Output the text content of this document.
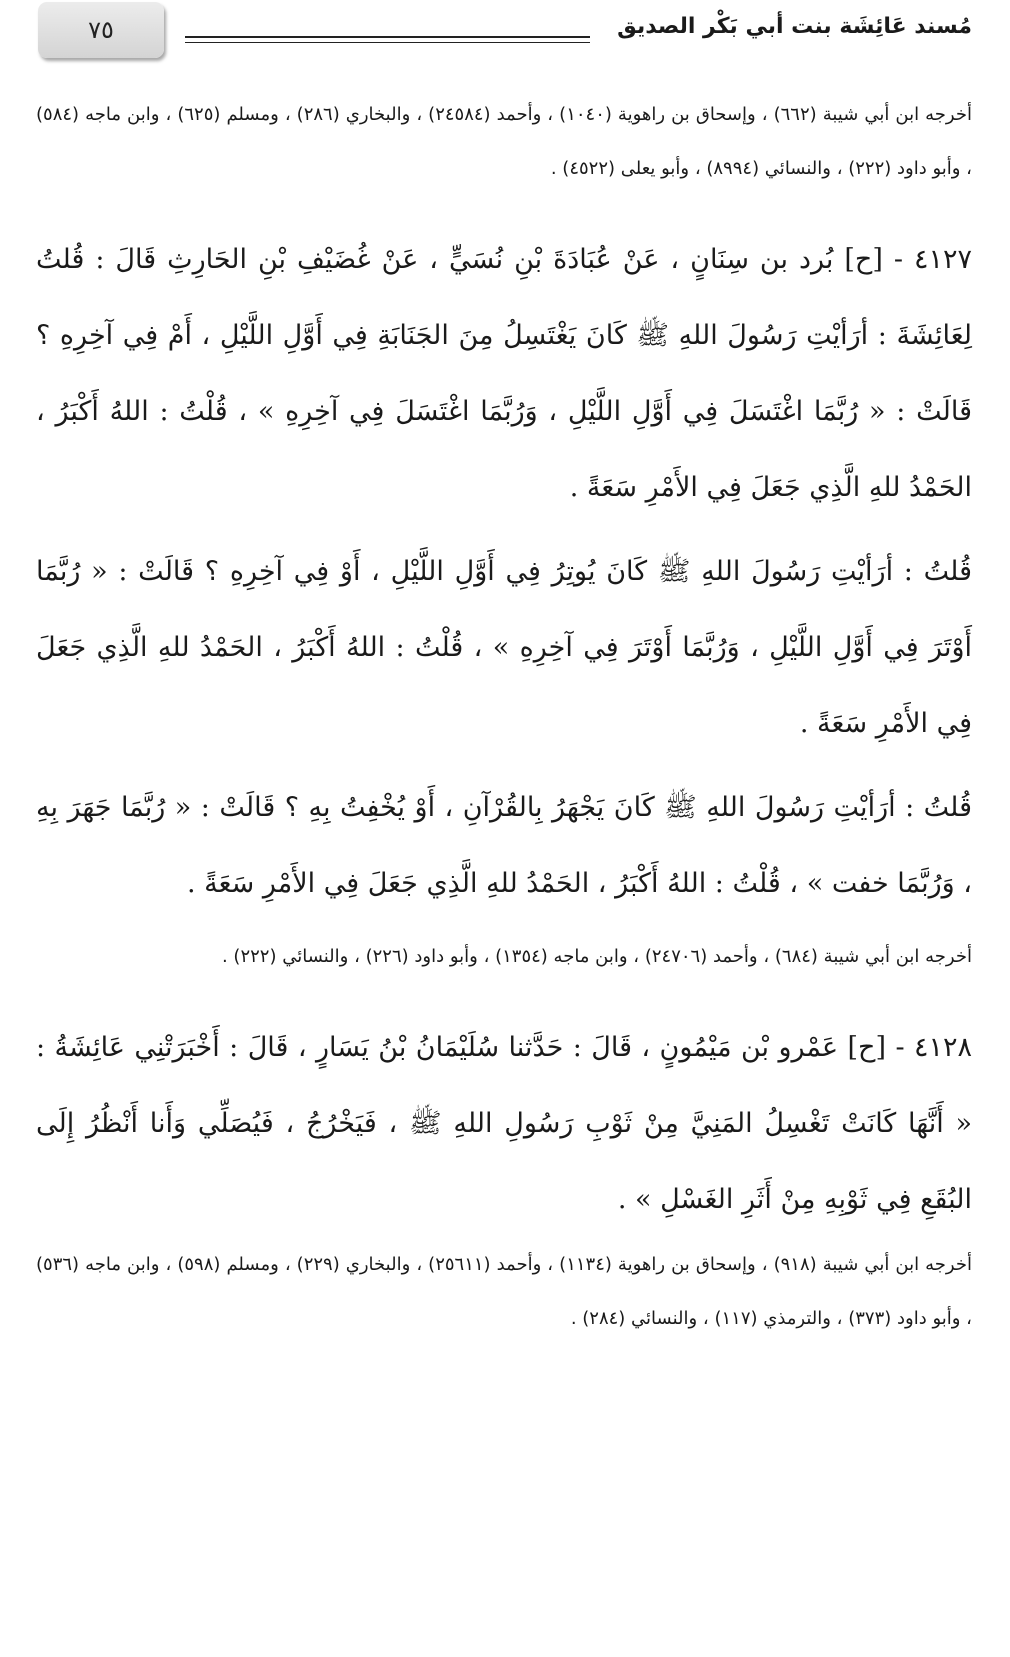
٧٥	مُسند عَائِشَة بنت أبي بَكْر الصديق

أخرجه ابن أبي شيبة (٦٦٢) ، وإسحاق بن راهوية (١٠٤٠) ، وأحمد (٢٤٥٨٤) ، والبخاري (٢٨٦) ، ومسلم (٦٢٥) ، وابن ماجه (٥٨٤) ، وأبو داود (٢٢٢) ، والنسائي (٨٩٩٤) ، وأبو يعلى (٤٥٢٢) .

٤١٢٧ - [ح] بُرد بن سِنَانٍ ، عَنْ عُبَادَةَ بْنِ نُسَيٍّ ، عَنْ غُضَيْفِ بْنِ الحَارِثِ قَالَ : قُلتُ لِعَائِشَةَ : أرَأيْتِ رَسُولَ اللهِ ﷺ كَانَ يَغْتَسِلُ مِنَ الجَنَابَةِ فِي أَوَّلِ اللَّيْلِ ، أَمْ فِي آخِرِهِ ؟ قَالَتْ : « رُبَّمَا اغْتَسَلَ فِي أَوَّلِ اللَّيْلِ ، وَرُبَّمَا اغْتَسَلَ فِي آخِرِهِ » ، قُلْتُ : اللهُ أَكْبَرُ ، الحَمْدُ للهِ الَّذِي جَعَلَ فِي الأَمْرِ سَعَةً .

قُلتُ : أرَأيْتِ رَسُولَ اللهِ ﷺ كَانَ يُوتِرُ فِي أَوَّلِ اللَّيْلِ ، أَوْ فِي آخِرِهِ ؟ قَالَتْ : « رُبَّمَا أَوْتَرَ فِي أَوَّلِ اللَّيْلِ ، وَرُبَّمَا أَوْتَرَ فِي آخِرِهِ » ، قُلْتُ : اللهُ أَكْبَرُ ، الحَمْدُ للهِ الَّذِي جَعَلَ فِي الأَمْرِ سَعَةً .

قُلتُ : أرَأيْتِ رَسُولَ اللهِ ﷺ كَانَ يَجْهَرُ بِالقُرْآنِ ، أَوْ يُخْفِتُ بِهِ ؟ قَالَتْ : « رُبَّمَا جَهَرَ بِهِ ، وَرُبَّمَا خفت » ، قُلْتُ : اللهُ أَكْبَرُ ، الحَمْدُ للهِ الَّذِي جَعَلَ فِي الأَمْرِ سَعَةً .

أخرجه ابن أبي شيبة (٦٨٤) ، وأحمد (٢٤٧٠٦) ، وابن ماجه (١٣٥٤) ، وأبو داود (٢٢٦) ، والنسائي (٢٢٢) .

٤١٢٨ - [ح] عَمْرو بْن مَيْمُونٍ ، قَالَ : حَدَّثنا سُلَيْمَانُ بْنُ يَسَارٍ ، قَالَ : أَخْبَرَتْنِي عَائِشَةُ : « أَنَّهَا كَانَتْ تَغْسِلُ المَنِيَّ مِنْ ثَوْبِ رَسُولِ اللهِ ﷺ ، فَيَخْرُجُ ، فَيُصَلِّي وَأَنا أَنْظُرُ إِلَى البُقَعِ فِي ثَوْبِهِ مِنْ أَثَرِ الغَسْلِ » .

أخرجه ابن أبي شيبة (٩١٨) ، وإسحاق بن راهوية (١١٣٤) ، وأحمد (٢٥٦١١) ، والبخاري (٢٢٩) ، ومسلم (٥٩٨) ، وابن ماجه (٥٣٦) ، وأبو داود (٣٧٣) ، والترمذي (١١٧) ، والنسائي (٢٨٤) .
